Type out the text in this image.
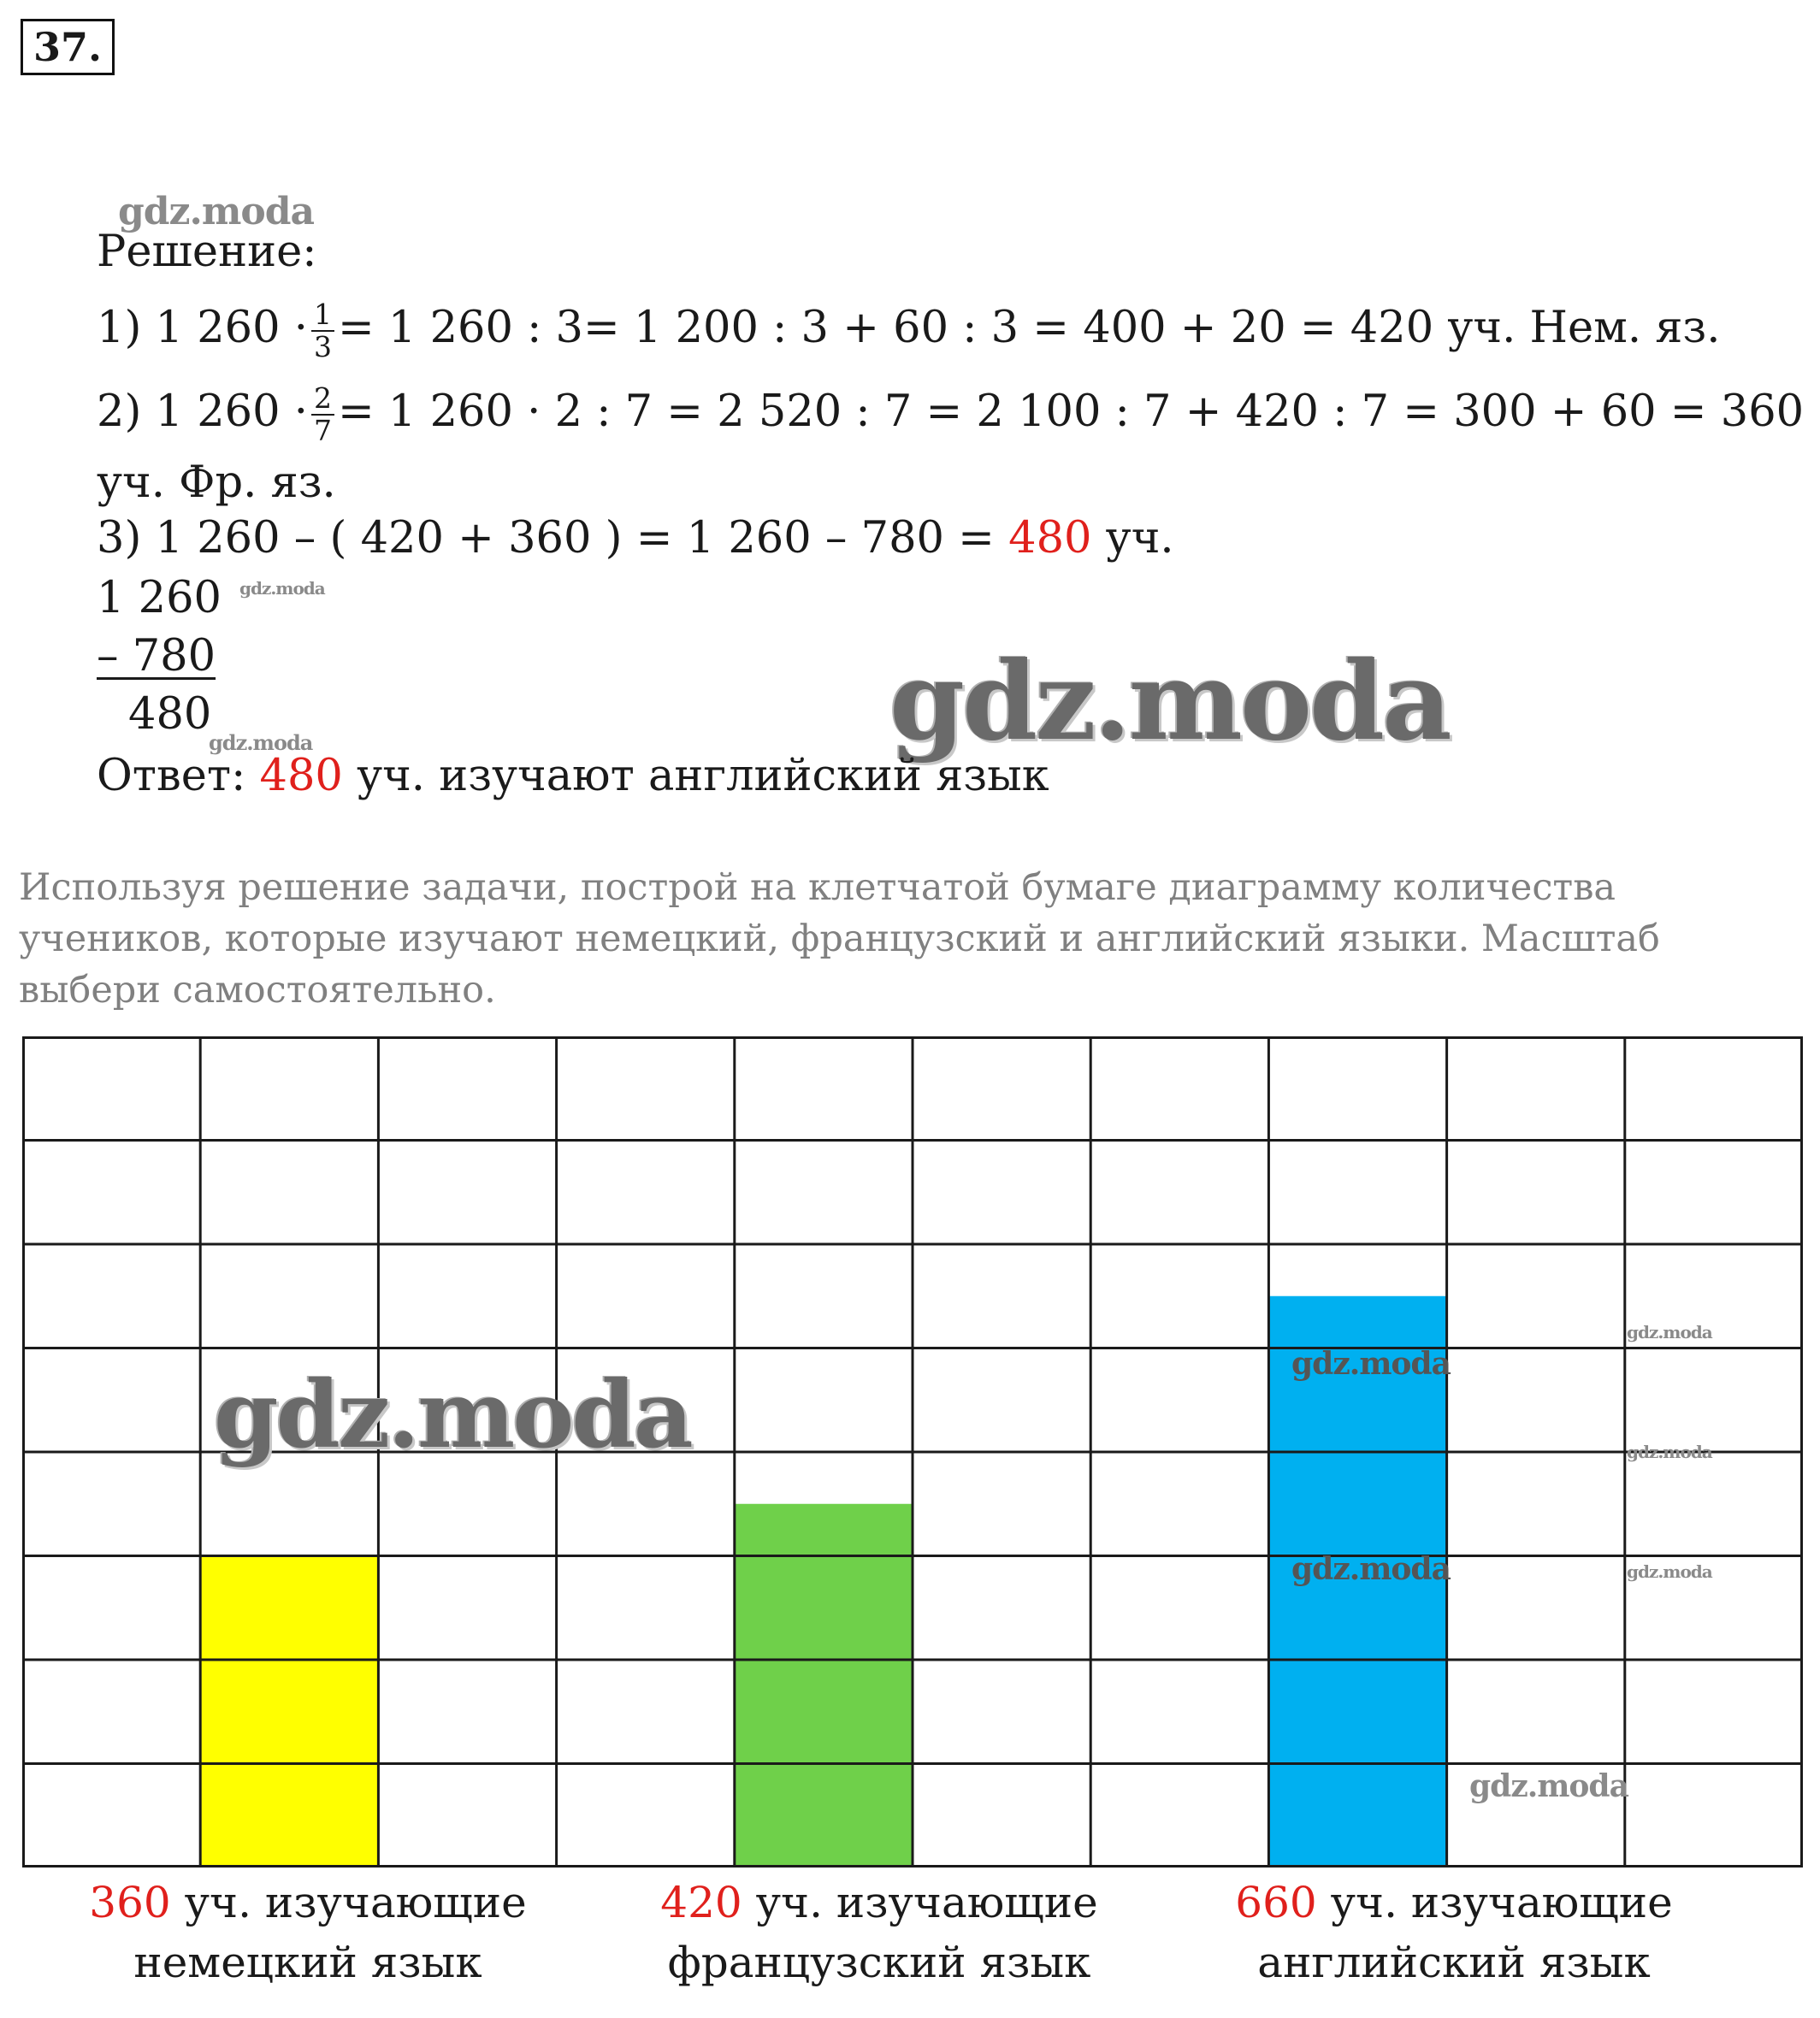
37.
gdz.moda
Решение:
1) 1 $260 \cdot \frac{1}{3} = 1$ 260 : 3= 1 200 : 3 + 60 : 3 = 400 + 20 = 420 уч. Нем. яз.
2) 1 $260 \cdot \frac{2}{7} = 1$ 260 · 2 : 7 = 2 520 : 7 = 2 100 : 7 + 420 : 7 = 300 + 60 = 360
уч. Фр. яз.
3) 1 260 – ( 420 + 360 ) = 1 260 – 780 = 480 уч.
1 260 gdz.moda
– 780
480
gdz.moda	gdz.moda
Ответ: 480 уч. изучают английский язык
Используя решение задачи, построй на клетчатой бумаге диаграмму количества учеников, которые изучают немецкий, французский и английский языки. Масштаб выбери самостоятельно.
gdz.moda	gdz.moda
gdz.moda
gdz.moda
gdz.moda
gdz.moda
gdz.moda
360 уч. изучающие
немецкий язык
420 уч. изучающие
французский язык
660 уч. изучающие
английский язык
